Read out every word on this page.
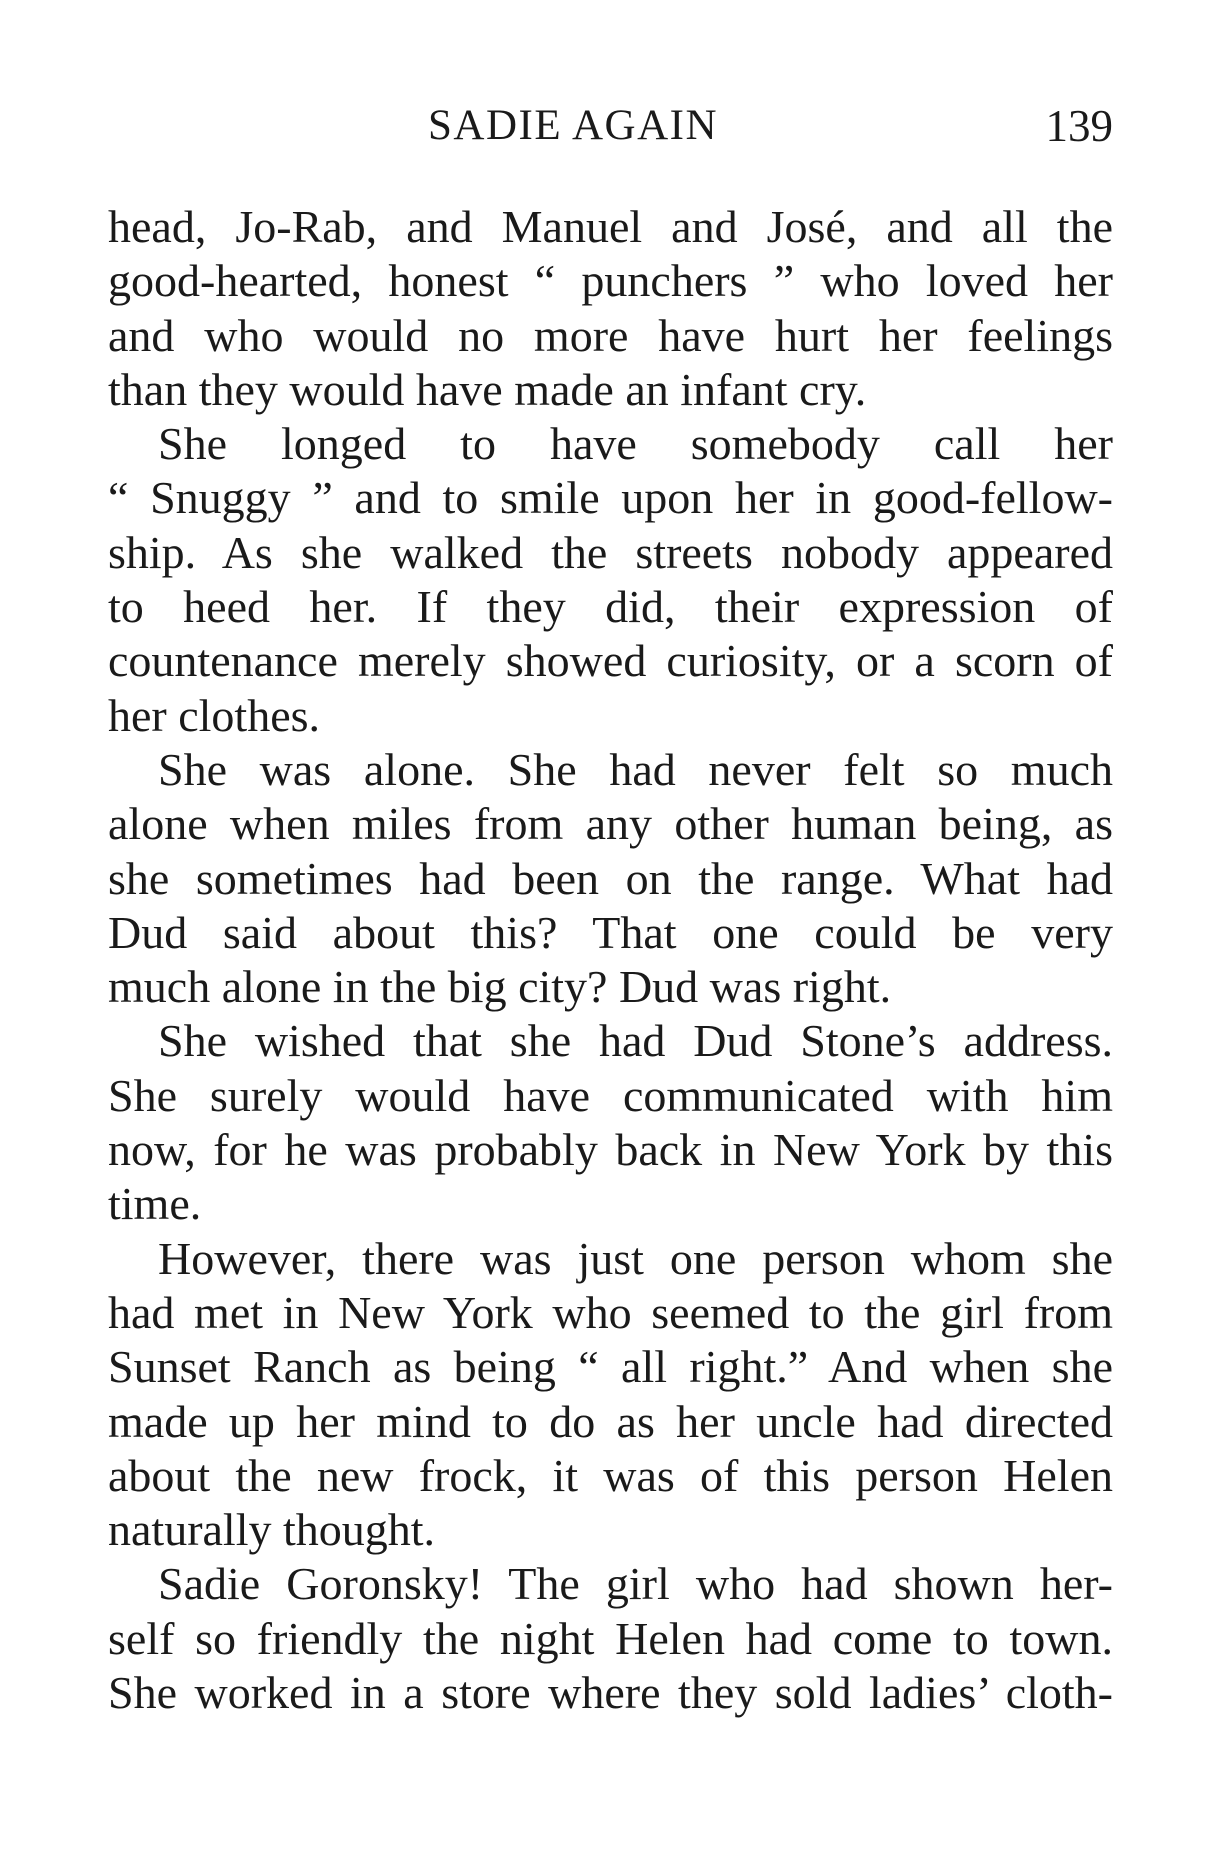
SADIE AGAIN	139
head, Jo-Rab, and Manuel and José, and all the
good-hearted, honest “ punchers ” who loved her
and who would no more have hurt her feelings
than they would have made an infant cry.
She longed to have somebody call her
“ Snuggy ” and to smile upon her in good-fellow-
ship. As she walked the streets nobody appeared
to heed her. If they did, their expression of
countenance merely showed curiosity, or a scorn of
her clothes.
She was alone. She had never felt so much
alone when miles from any other human being, as
she sometimes had been on the range. What had
Dud said about this? That one could be very
much alone in the big city? Dud was right.
She wished that she had Dud Stone’s address.
She surely would have communicated with him
now, for he was probably back in New York by this
time.
However, there was just one person whom she
had met in New York who seemed to the girl from
Sunset Ranch as being “ all right.” And when she
made up her mind to do as her uncle had directed
about the new frock, it was of this person Helen
naturally thought.
Sadie Goronsky! The girl who had shown her-
self so friendly the night Helen had come to town.
She worked in a store where they sold ladies’ cloth-
